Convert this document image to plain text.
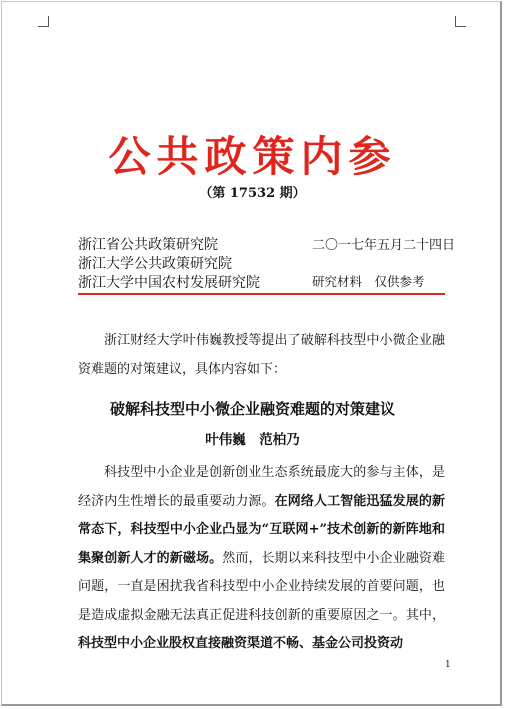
公共政策内参
（第 17532 期）
浙江省公共政策研究院
浙江大学公共政策研究院
浙江大学中国农村发展研究院
二〇一七年五月二十四日
研究材料　仅供参考

浙江财经大学叶伟巍教授等提出了破解科技型中小微企业融资难题的对策建议，具体内容如下：

破解科技型中小微企业融资难题的对策建议
叶伟巍　范柏乃

科技型中小企业是创新创业生态系统最庞大的参与主体，是经济内生性增长的最重要动力源。在网络人工智能迅猛发展的新常态下，科技型中小企业凸显为“互联网+”技术创新的新阵地和集聚创新人才的新磁场。然而，长期以来科技型中小企业融资难问题，一直是困扰我省科技型中小企业持续发展的首要问题，也是造成虚拟金融无法真正促进科技创新的重要原因之一。其中，科技型中小企业股权直接融资渠道不畅、基金公司投资动

1
